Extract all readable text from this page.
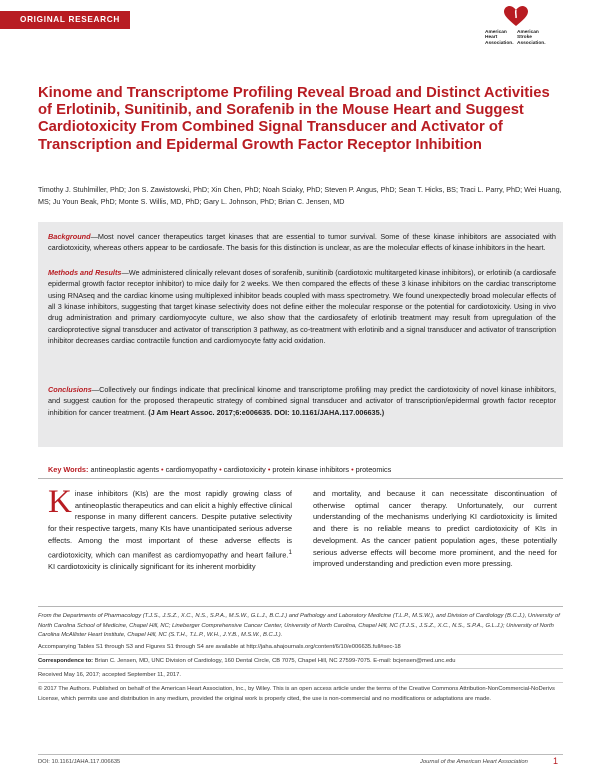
ORIGINAL RESEARCH
American
Heart
Association.
American
Stroke
Association.
Kinome and Transcriptome Profiling Reveal Broad and Distinct Activities of Erlotinib, Sunitinib, and Sorafenib in the Mouse Heart and Suggest Cardiotoxicity From Combined Signal Transducer and Activator of Transcription and Epidermal Growth Factor Receptor Inhibition

Timothy J. Stuhlmiller, PhD; Jon S. Zawistowski, PhD; Xin Chen, PhD; Noah Sciaky, PhD; Steven P. Angus, PhD; Sean T. Hicks, BS; Traci L. Parry, PhD; Wei Huang, MS; Ju Youn Beak, PhD; Monte S. Willis, MD, PhD; Gary L. Johnson, PhD; Brian C. Jensen, MD

Background—Most novel cancer therapeutics target kinases that are essential to tumor survival. Some of these kinase inhibitors are associated with cardiotoxicity, whereas others appear to be cardiosafe. The basis for this distinction is unclear, as are the molecular effects of kinase inhibitors in the heart.

Methods and Results—We administered clinically relevant doses of sorafenib, sunitinib (cardiotoxic multitargeted kinase inhibitors), or erlotinib (a cardiosafe epidermal growth factor receptor inhibitor) to mice daily for 2 weeks. We then compared the effects of these 3 kinase inhibitors on the cardiac transcriptome using RNAseq and the cardiac kinome using multiplexed inhibitor beads coupled with mass spectrometry. We found unexpectedly broad molecular effects of all 3 kinase inhibitors, suggesting that target kinase selectivity does not define either the molecular response or the potential for cardiotoxicity. Using in vivo drug administration and primary cardiomyocyte culture, we also show that the cardiosafety of erlotinib treatment may result from upregulation of the cardioprotective signal transducer and activator of transcription 3 pathway, as co-treatment with erlotinib and a signal transducer and activator of transcription inhibitor decreases cardiac contractile function and cardiomyocyte fatty acid oxidation.

Conclusions—Collectively our findings indicate that preclinical kinome and transcriptome profiling may predict the cardiotoxicity of novel kinase inhibitors, and suggest caution for the proposed therapeutic strategy of combined signal transducer and activator of transcription/epidermal growth factor receptor inhibition for cancer treatment. (J Am Heart Assoc. 2017;6:e006635. DOI: 10.1161/JAHA.117.006635.)

Key Words: antineoplastic agents • cardiomyopathy • cardiotoxicity • protein kinase inhibitors • proteomics

Kinase inhibitors (KIs) are the most rapidly growing class of antineoplastic therapeutics and can elicit a highly effective clinical response in many different cancers. Despite putative selectivity for their respective targets, many KIs have unanticipated serious adverse effects. Among the most important of these adverse effects is cardiotoxicity, which can manifest as cardiomyopathy and heart failure.$^1$ KI cardiotoxicity is clinically significant for its inherent morbidity

and mortality, and because it can necessitate discontinuation of otherwise optimal cancer therapy. Unfortunately, our current understanding of the mechanisms underlying KI cardiotoxicity is limited and there is no reliable means to predict cardiotoxicity of KIs in development. As the cancer patient population ages, these potentially serious adverse effects will become more prominent, and the need for improved understanding and prediction even more pressing.

From the Departments of Pharmacology (T.J.S., J.S.Z., X.C., N.S., S.P.A., M.S.W., G.L.J., B.C.J.) and Pathology and Laboratory Medicine (T.L.P., M.S.W.), and Division of Cardiology (B.C.J.), University of North Carolina School of Medicine, Chapel Hill, NC; Lineberger Comprehensive Cancer Center, University of North Carolina, Chapel Hill, NC (T.J.S., J.S.Z., X.C., N.S., S.P.A., G.L.J.); University of North Carolina McAllister Heart Institute, Chapel Hill, NC (S.T.H., T.L.P., W.H., J.Y.B., M.S.W., B.C.J.).

Accompanying Tables S1 through S3 and Figures S1 through S4 are available at http://jaha.ahajournals.org/content/6/10/e006635.full#sec-18

Correspondence to: Brian C. Jensen, MD, UNC Division of Cardiology, 160 Dental Circle, CB 7075, Chapel Hill, NC 27599-7075. E-mail: bcjensen@med.unc.edu

Received May 16, 2017; accepted September 11, 2017.

© 2017 The Authors. Published on behalf of the American Heart Association, Inc., by Wiley. This is an open access article under the terms of the Creative Commons Attribution-NonCommercial-NoDerivs License, which permits use and distribution in any medium, provided the original work is properly cited, the use is non-commercial and no modifications or adaptations are made.

DOI: 10.1161/JAHA.117.006635	Journal of the American Heart Association	1
